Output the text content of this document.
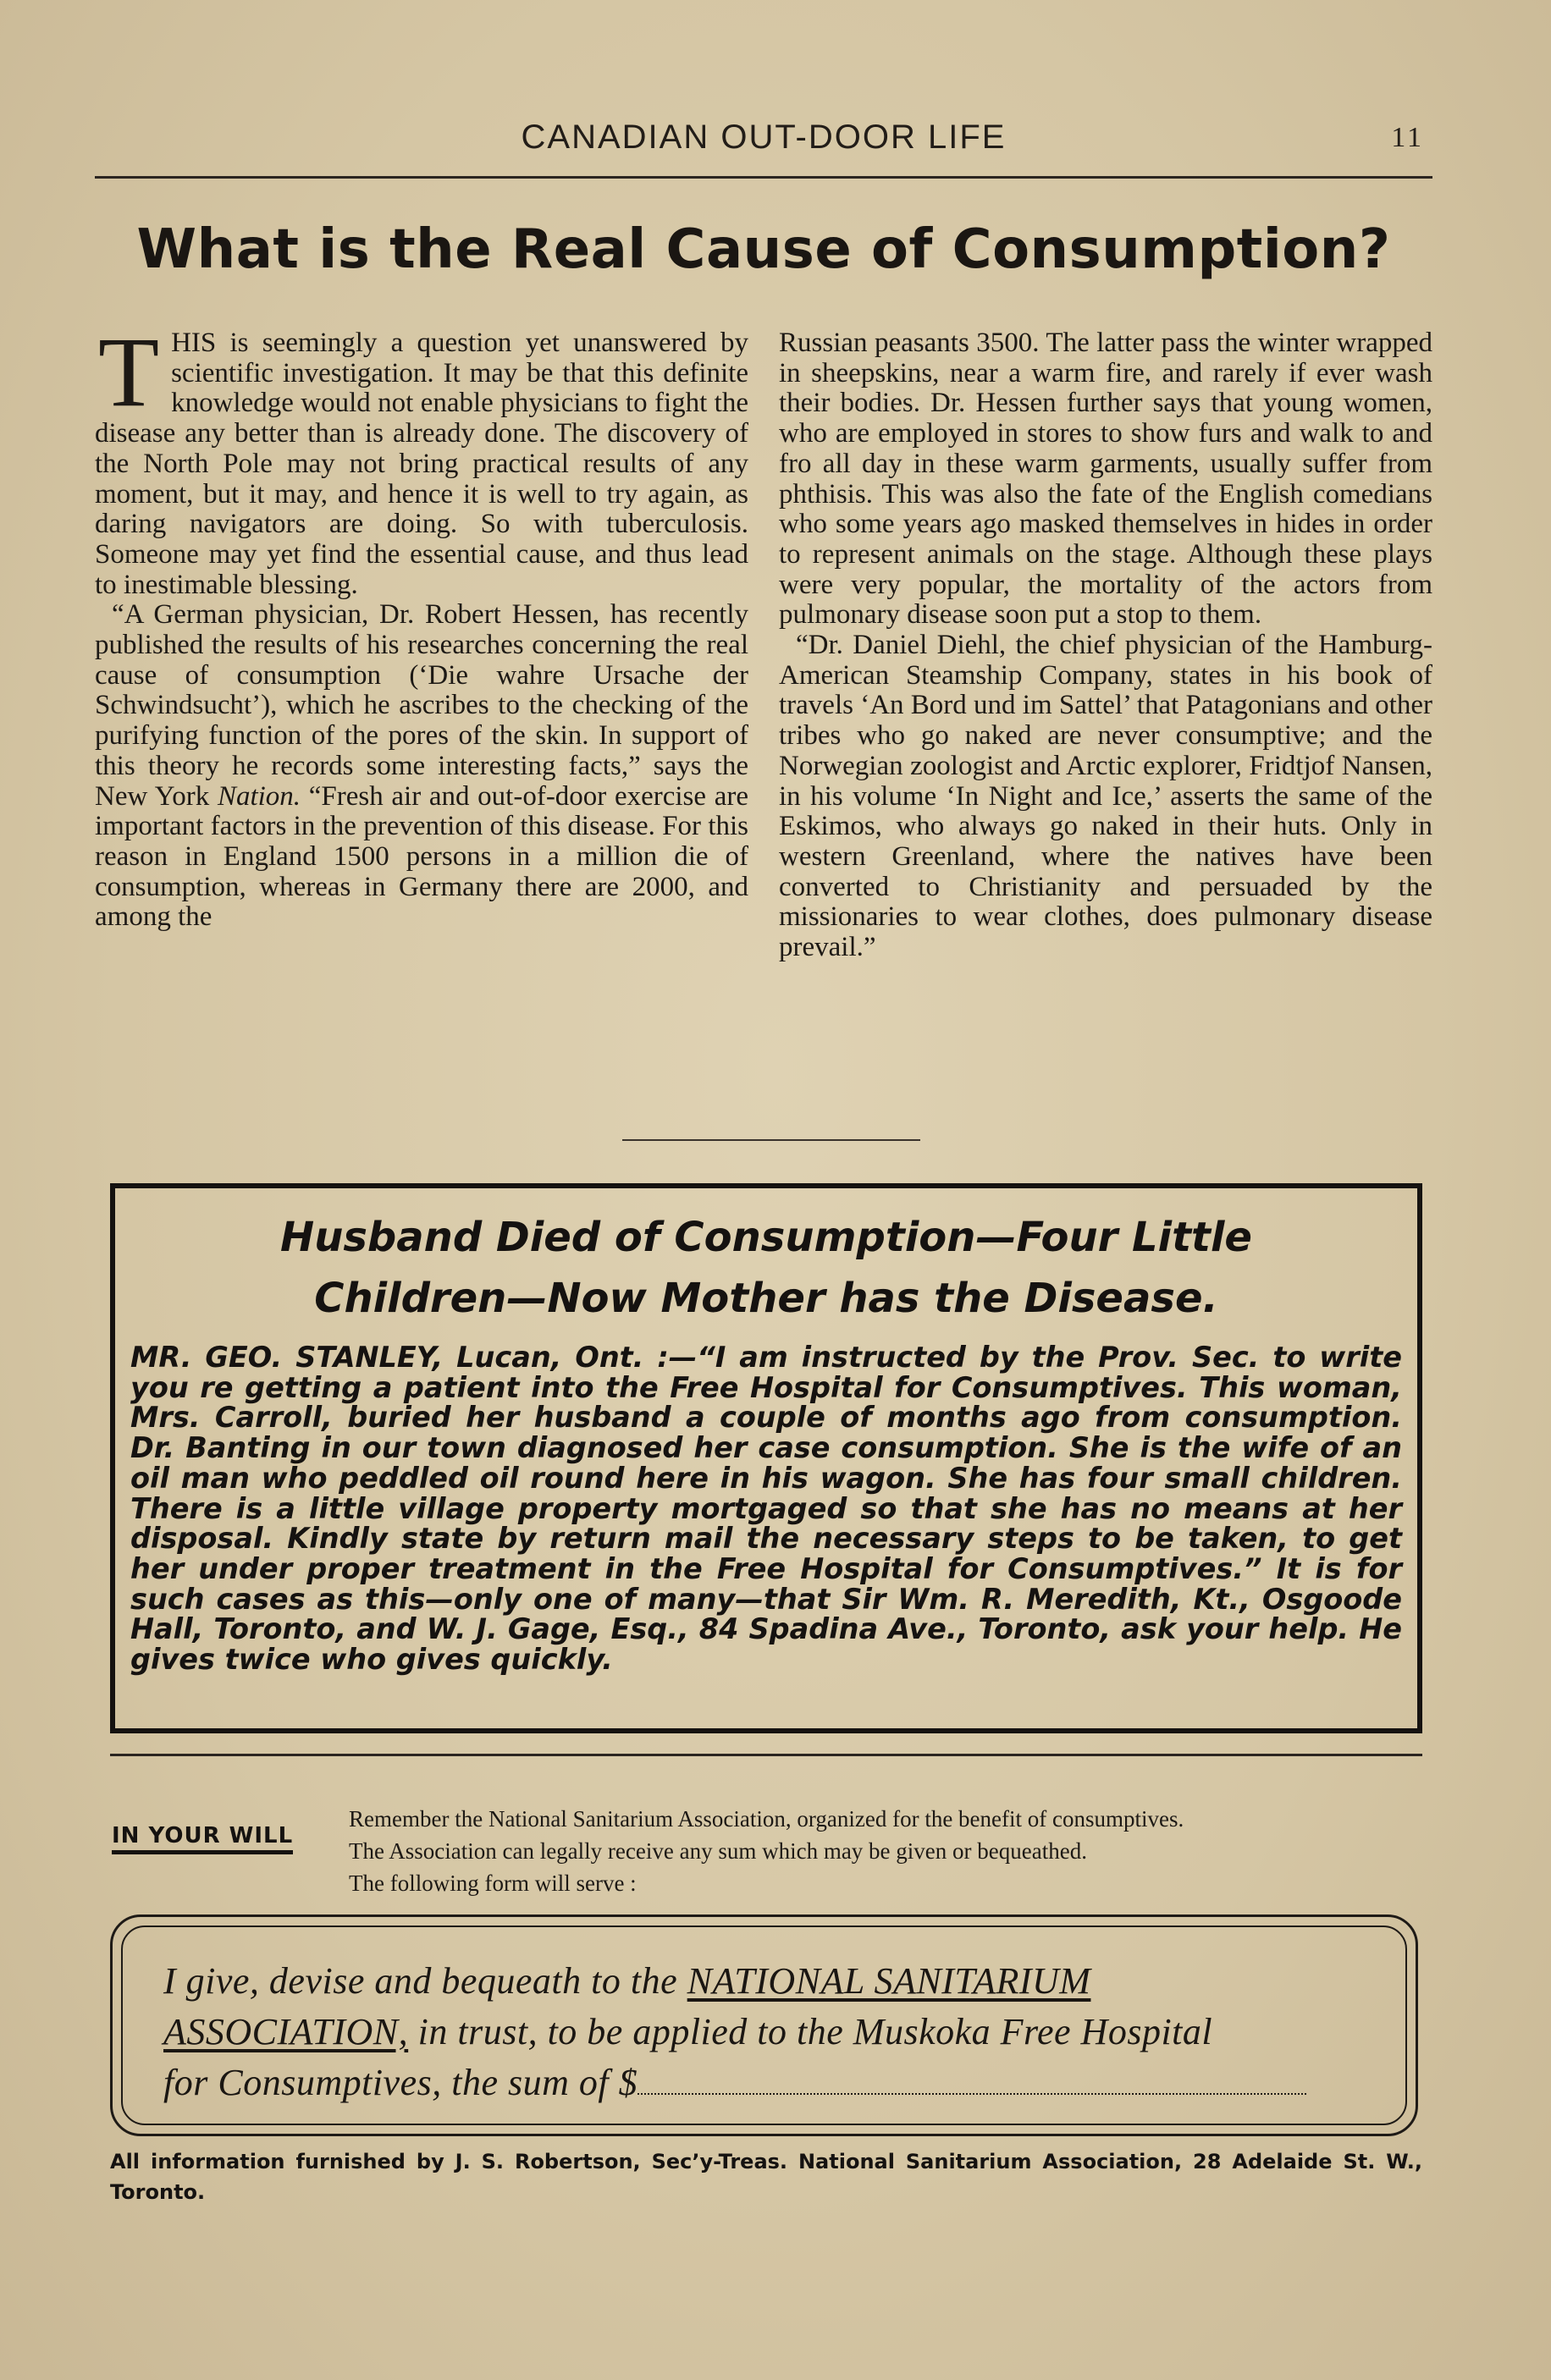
CANADIAN OUT-DOOR LIFE	11
What is the Real Cause of Consumption?

THIS is seemingly a question yet unanswered by scientific investigation. It may be that this definite knowledge would not enable physicians to fight the disease any better than is already done. The discovery of the North Pole may not bring practical results of any moment, but it may, and hence it is well to try again, as daring navigators are doing. So with tuberculosis. Someone may yet find the essential cause, and thus lead to inestimable blessing.

“A German physician, Dr. Robert Hessen, has recently published the results of his researches concerning the real cause of consumption (‘Die wahre Ursache der Schwindsucht’), which he ascribes to the checking of the purifying function of the pores of the skin. In support of this theory he records some interesting facts,” says the New York Nation. “Fresh air and out-of-door exercise are important factors in the prevention of this disease. For this reason in England 1500 persons in a million die of consumption, whereas in Germany there are 2000, and among the

Russian peasants 3500. The latter pass the winter wrapped in sheepskins, near a warm fire, and rarely if ever wash their bodies. Dr. Hessen further says that young women, who are employed in stores to show furs and walk to and fro all day in these warm garments, usually suffer from phthisis. This was also the fate of the English comedians who some years ago masked themselves in hides in order to represent animals on the stage. Although these plays were very popular, the mortality of the actors from pulmonary disease soon put a stop to them.

“Dr. Daniel Diehl, the chief physician of the Hamburg-American Steamship Company, states in his book of travels ‘An Bord und im Sattel’ that Patagonians and other tribes who go naked are never consumptive; and the Norwegian zoologist and Arctic explorer, Fridtjof Nansen, in his volume ‘In Night and Ice,’ asserts the same of the Eskimos, who always go naked in their huts. Only in western Greenland, where the natives have been converted to Christianity and persuaded by the missionaries to wear clothes, does pulmonary disease prevail.”

Husband Died of Consumption—Four Little
Children—Now Mother has the Disease.

MR. GEO. STANLEY, Lucan, Ont. :—“I am instructed by the Prov. Sec. to write you re getting a patient into the Free Hospital for Consumptives. This woman, Mrs. Carroll, buried her husband a couple of months ago from consumption. Dr. Banting in our town diagnosed her case consumption. She is the wife of an oil man who peddled oil round here in his wagon. She has four small children. There is a little village property mortgaged so that she has no means at her disposal. Kindly state by return mail the necessary steps to be taken, to get her under proper treatment in the Free Hospital for Consumptives.” It is for such cases as this—only one of many—that Sir Wm. R. Meredith, Kt., Osgoode Hall, Toronto, and W. J. Gage, Esq., 84 Spadina Ave., Toronto, ask your help. He gives twice who gives quickly.

IN YOUR WILL
Remember the National Sanitarium Association, organized for the benefit of consumptives.
The Association can legally receive any sum which may be given or bequeathed.
The following form will serve :
I give, devise and bequeath to the NATIONAL SANITARIUM
ASSOCIATION, in trust, to be applied to the Muskoka Free Hospital
for Consumptives, the sum of $
All information furnished by J. S. Robertson, Sec’y-Treas. National Sanitarium Association, 28 Adelaide St. W., Toronto.
